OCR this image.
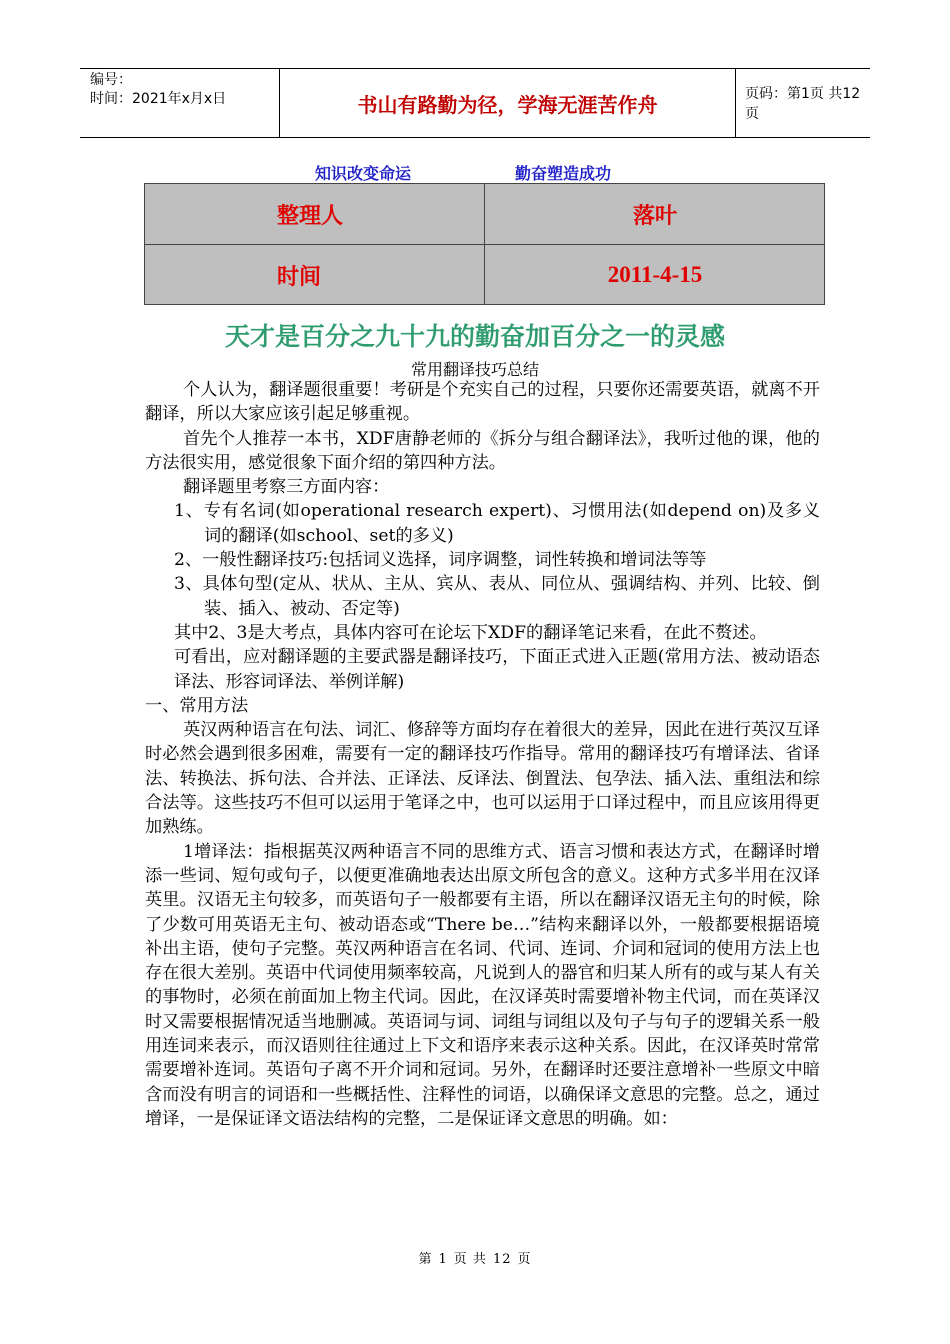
编号：
时间：2021年x月x日	书山有路勤为径，学海无涯苦作舟	页码：第1页 共12页
知识改变命运	勤奋塑造成功
整理人	落叶
时间	2011-4-15
天才是百分之九十九的勤奋加百分之一的灵感
常用翻译技巧总结

个人认为，翻译题很重要！考研是个充实自己的过程，只要你还需要英语，就离不开翻译，所以大家应该引起足够重视。

首先个人推荐一本书，XDF唐静老师的《拆分与组合翻译法》，我听过他的课，他的方法很实用，感觉很象下面介绍的第四种方法。

翻译题里考察三方面内容：

1、专有名词(如operational research expert)、习惯用法(如depend on)及多义词的翻译(如school、set的多义)

2、一般性翻译技巧:包括词义选择，词序调整，词性转换和增词法等等

3、具体句型(定从、状从、主从、宾从、表从、同位从、强调结构、并列、比较、倒装、插入、被动、否定等)

其中2、3是大考点，具体内容可在论坛下XDF的翻译笔记来看，在此不赘述。

可看出，应对翻译题的主要武器是翻译技巧，下面正式进入正题(常用方法、被动语态译法、形容词译法、举例详解)

一、常用方法

英汉两种语言在句法、词汇、修辞等方面均存在着很大的差异，因此在进行英汉互译时必然会遇到很多困难，需要有一定的翻译技巧作指导。常用的翻译技巧有增译法、省译法、转换法、拆句法、合并法、正译法、反译法、倒置法、包孕法、插入法、重组法和综合法等。这些技巧不但可以运用于笔译之中，也可以运用于口译过程中，而且应该用得更加熟练。

1增译法：指根据英汉两种语言不同的思维方式、语言习惯和表达方式，在翻译时增添一些词、短句或句子，以便更准确地表达出原文所包含的意义。这种方式多半用在汉译英里。汉语无主句较多，而英语句子一般都要有主语，所以在翻译汉语无主句的时候，除了少数可用英语无主句、被动语态或“There be…”结构来翻译以外，一般都要根据语境补出主语，使句子完整。英汉两种语言在名词、代词、连词、介词和冠词的使用方法上也存在很大差别。英语中代词使用频率较高，凡说到人的器官和归某人所有的或与某人有关的事物时，必须在前面加上物主代词。因此，在汉译英时需要增补物主代词，而在英译汉时又需要根据情况适当地删减。英语词与词、词组与词组以及句子与句子的逻辑关系一般用连词来表示，而汉语则往往通过上下文和语序来表示这种关系。因此，在汉译英时常常需要增补连词。英语句子离不开介词和冠词。另外，在翻译时还要注意增补一些原文中暗含而没有明言的词语和一些概括性、注释性的词语，以确保译文意思的完整。总之，通过增译，一是保证译文语法结构的完整，二是保证译文意思的明确。如：

第 1 页 共 12 页
